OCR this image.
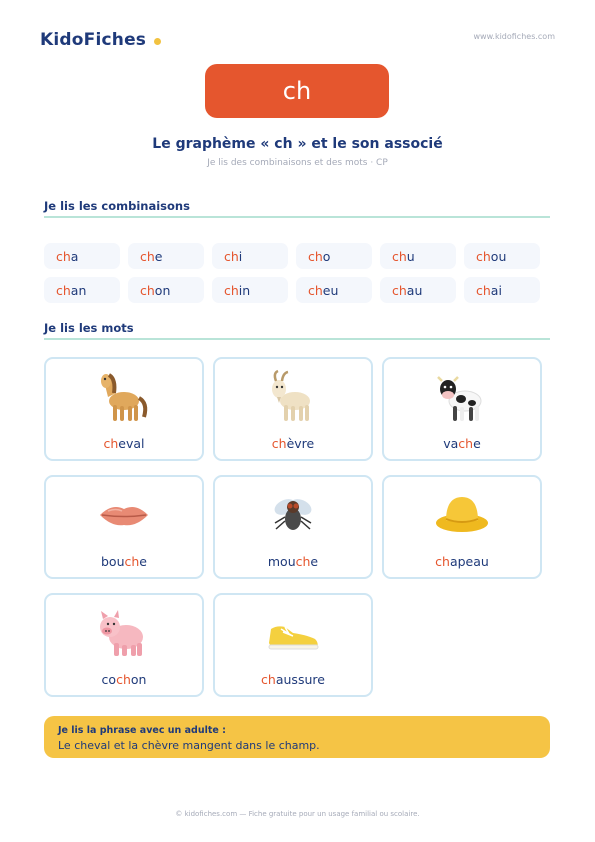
KidoFiches	www.kidofiches.com
ch
Le graphème « ch » et le son associé
Je lis des combinaisons et des mots · CP
Je lis les combinaisons
ch a	ch e	ch i	ch o	ch u	ch ou
ch an	ch on	ch in	ch eu	ch au	ch ai
Je lis les mots
cheval	chèvre	vache
bouche	mouche	chapeau
cochon	chaussure
Je lis la phrase avec un adulte :
Le cheval et la chèvre mangent dans le champ.
© kidofiches.com — Fiche gratuite pour un usage familial ou scolaire.
